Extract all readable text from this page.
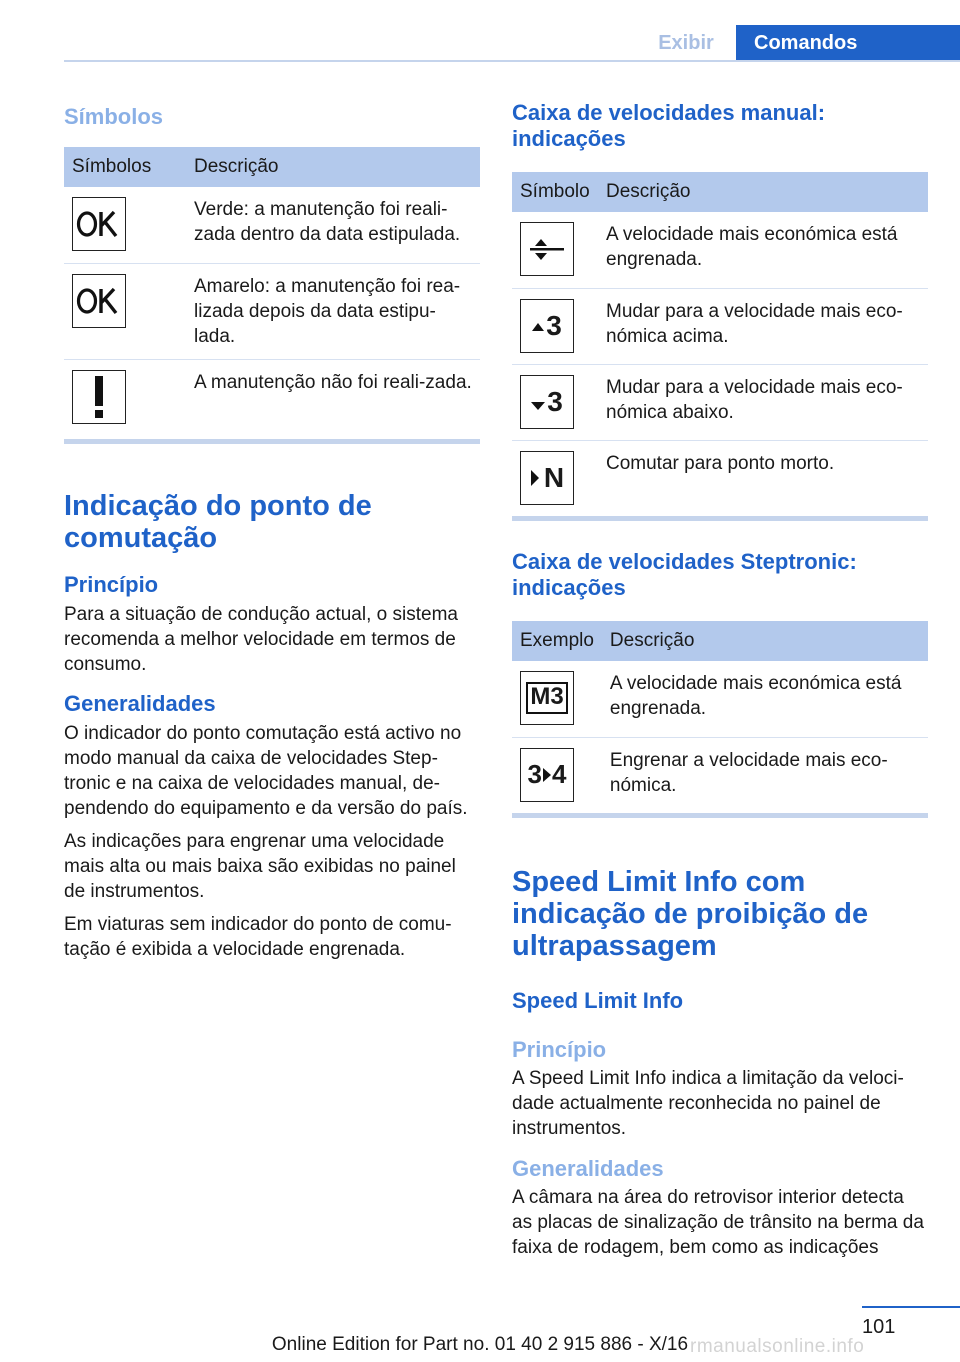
Exibir	Comandos
Símbolos
Símbolos	Descrição

	Verde: a manutenção foi reali-zada dentro da data estipulada.

	Amarelo: a manutenção foi rea-lizada depois da data estipu-lada.

	A manutenção não foi reali-zada.
Indicação do ponto de comutação
Princípio

Para a situação de condução actual, o sistema recomenda a melhor velocidade em termos de consumo.

Generalidades

O indicador do ponto comutação está activo no modo manual da caixa de velocidades Step-tronic e na caixa de velocidades manual, de-pendendo do equipamento e da versão do país.

As indicações para engrenar uma velocidade mais alta ou mais baixa são exibidas no painel de instrumentos.

Em viaturas sem indicador do ponto de comu-tação é exibida a velocidade engrenada.

Caixa de velocidades manual: indicações
Símbolo	Descrição

	A velocidade mais económica está engrenada.

3	Mudar para a velocidade mais eco-nómica acima.

3	Mudar para a velocidade mais eco-nómica abaixo.

N	Comutar para ponto morto.
Caixa de velocidades Steptronic: indicações
Exemplo	Descrição

M3	A velocidade mais económica está engrenada.

3 4	Engrenar a velocidade mais eco-nómica.
Speed Limit Info com indicação de proibição de ultrapassagem
Speed Limit Info
Princípio

A Speed Limit Info indica a limitação da veloci-dade actualmente reconhecida no painel de instrumentos.

Generalidades

A câmara na área do retrovisor interior detecta as placas de sinalização de trânsito na berma da faixa de rodagem, bem como as indicações

101
Online Edition for Part no. 01 40 2 915 886 - X/16 rmanualsonline.info
